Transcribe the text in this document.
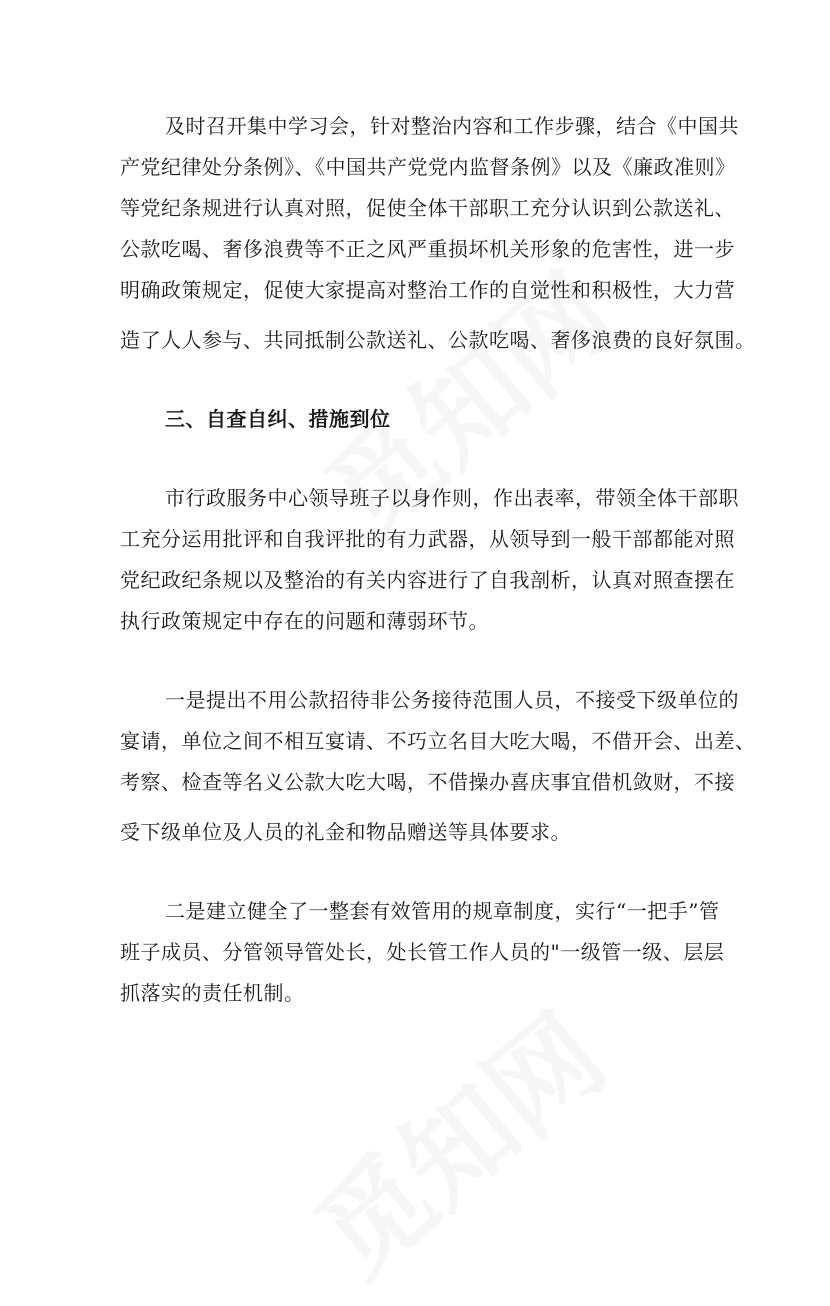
及时召开集中学习会，针对整治内容和工作步骤，结合《中国共
产党纪律处分条例》、《中国共产党党内监督条例》以及《廉政准则》
等党纪条规进行认真对照，促使全体干部职工充分认识到公款送礼、
公款吃喝、奢侈浪费等不正之风严重损坏机关形象的危害性，进一步
明确政策规定，促使大家提高对整治工作的自觉性和积极性，大力营
造了人人参与、共同抵制公款送礼、公款吃喝、奢侈浪费的良好氛围。
三、自查自纠、措施到位
市行政服务中心领导班子以身作则，作出表率，带领全体干部职
工充分运用批评和自我评批的有力武器，从领导到一般干部都能对照
党纪政纪条规以及整治的有关内容进行了自我剖析，认真对照查摆在
执行政策规定中存在的问题和薄弱环节。
一是提出不用公款招待非公务接待范围人员，不接受下级单位的
宴请，单位之间不相互宴请、不巧立名目大吃大喝，不借开会、出差、
考察、检查等名义公款大吃大喝，不借操办喜庆事宜借机敛财，不接
受下级单位及人员的礼金和物品赠送等具体要求。
二是建立健全了一整套有效管用的规章制度，实行“一把手”管
班子成员、分管领导管处长，处长管工作人员的"一级管一级、层层
抓落实的责任机制。
